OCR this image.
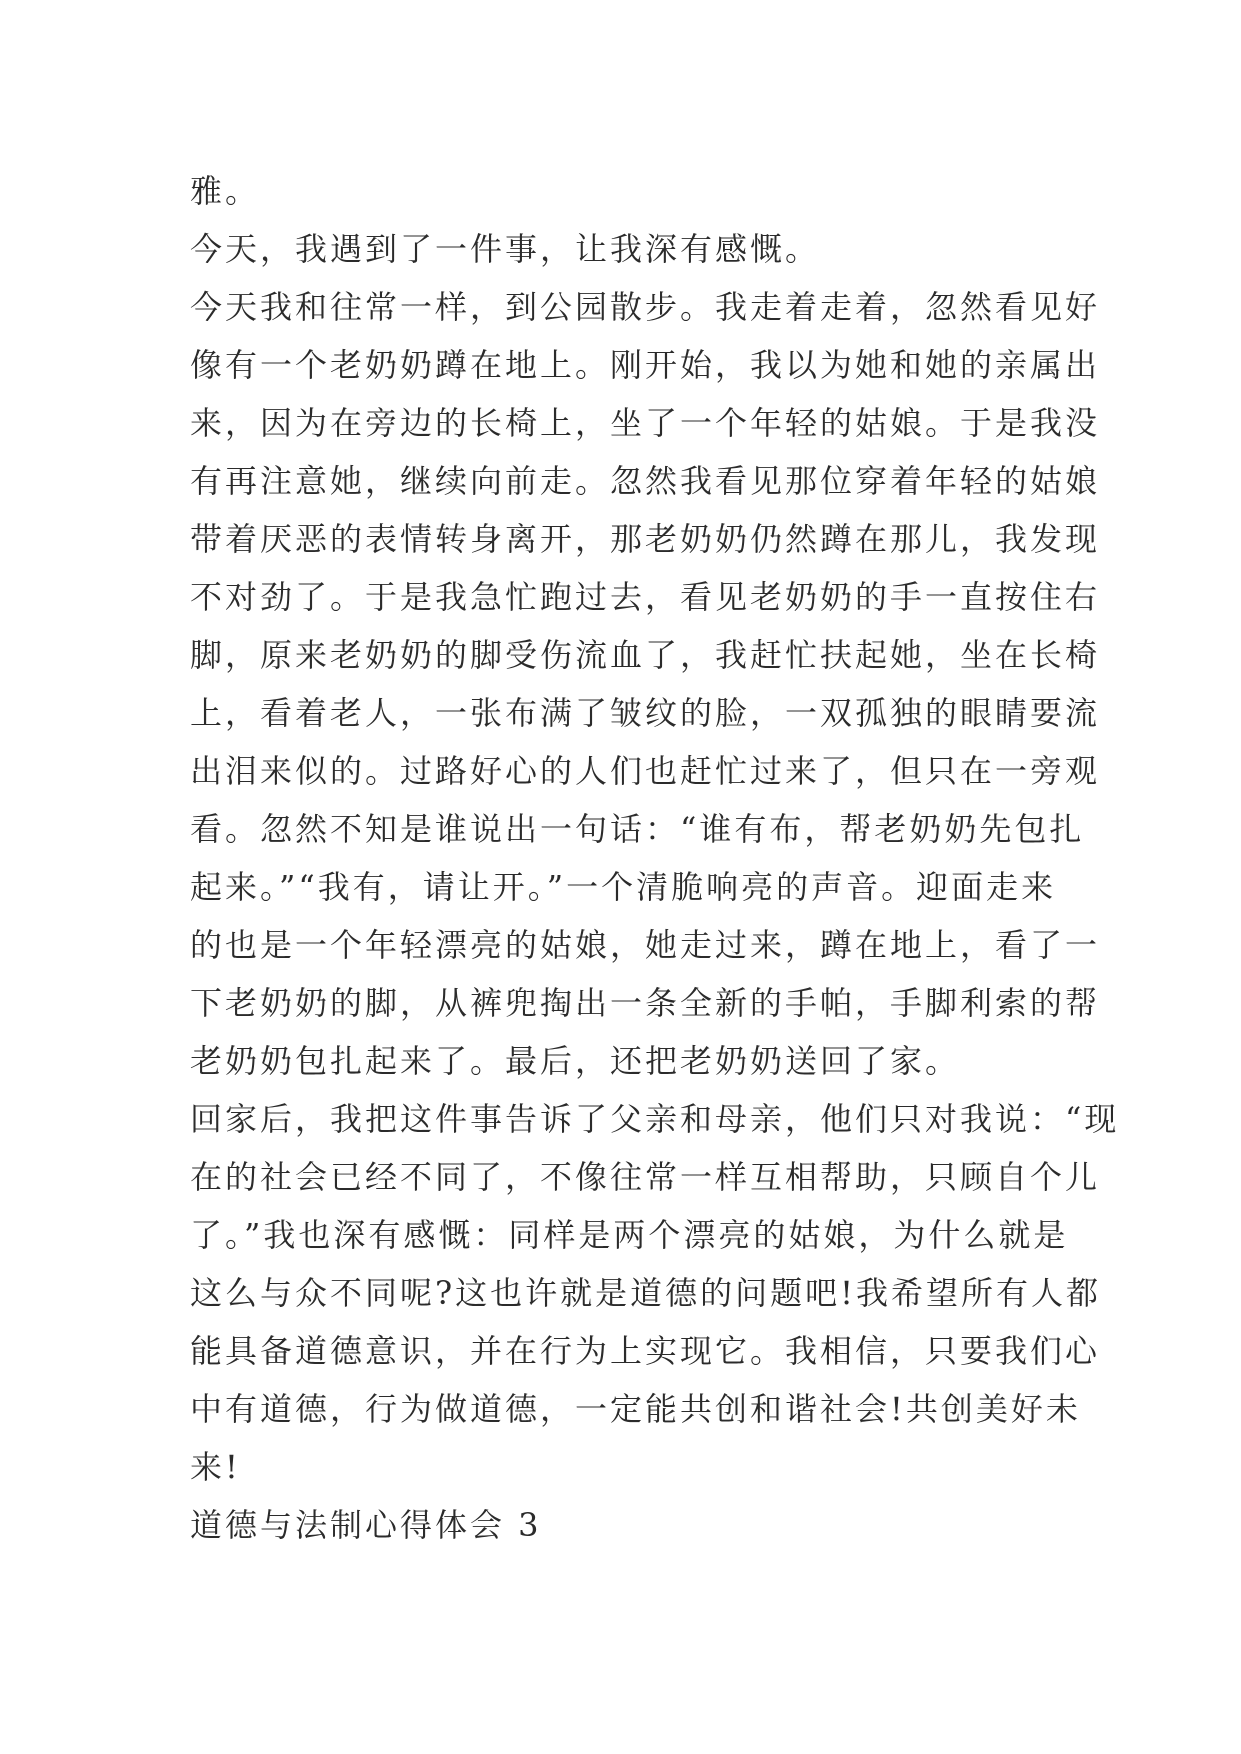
雅。
今天，我遇到了一件事，让我深有感慨。
今天我和往常一样，到公园散步。我走着走着，忽然看见好
像有一个老奶奶蹲在地上。刚开始，我以为她和她的亲属出
来，因为在旁边的长椅上，坐了一个年轻的姑娘。于是我没
有再注意她，继续向前走。忽然我看见那位穿着年轻的姑娘
带着厌恶的表情转身离开，那老奶奶仍然蹲在那儿，我发现
不对劲了。于是我急忙跑过去，看见老奶奶的手一直按住右
脚，原来老奶奶的脚受伤流血了，我赶忙扶起她，坐在长椅
上，看着老人，一张布满了皱纹的脸，一双孤独的眼睛要流
出泪来似的。过路好心的人们也赶忙过来了，但只在一旁观
看。忽然不知是谁说出一句话：“谁有布，帮老奶奶先包扎
起来。”“我有，请让开。”一个清脆响亮的声音。迎面走来
的也是一个年轻漂亮的姑娘，她走过来，蹲在地上，看了一
下老奶奶的脚，从裤兜掏出一条全新的手帕，手脚利索的帮
老奶奶包扎起来了。最后，还把老奶奶送回了家。
回家后，我把这件事告诉了父亲和母亲，他们只对我说：“现
在的社会已经不同了，不像往常一样互相帮助，只顾自个儿
了。”我也深有感慨：同样是两个漂亮的姑娘，为什么就是
这么与众不同呢?这也许就是道德的问题吧!我希望所有人都
能具备道德意识，并在行为上实现它。我相信，只要我们心
中有道德，行为做道德，一定能共创和谐社会!共创美好未
来!
道德与法制心得体会 3
